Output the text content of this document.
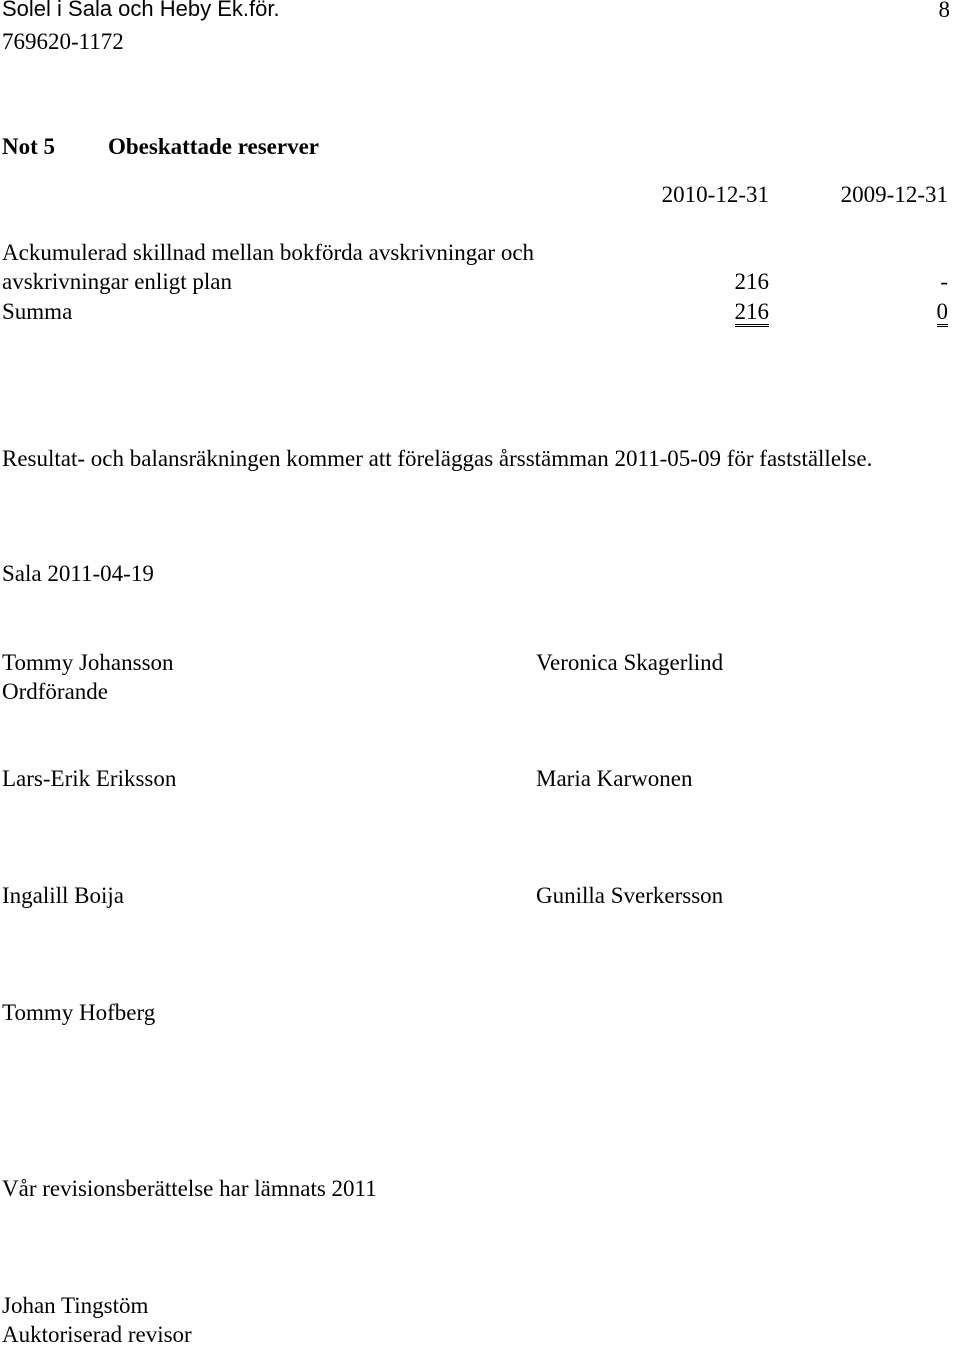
Solel i Sala och Heby Ek.för.
769620-1172
8
Not 5 Obeskattade reserver
2010-12-31	2009-12-31
Ackumulerad skillnad mellan bokförda avskrivningar och
avskrivningar enligt plan	216	-
Summa	216	0
Resultat- och balansräkningen kommer att föreläggas årsstämman 2011-05-09 för fastställelse.
Sala 2011-04-19
Tommy Johansson
Ordförande
Lars-Erik Eriksson
Ingalill Boija
Tommy Hofberg
Veronica Skagerlind
Maria Karwonen
Gunilla Sverkersson
Vår revisionsberättelse har lämnats 2011
Johan Tingstöm
Auktoriserad revisor
